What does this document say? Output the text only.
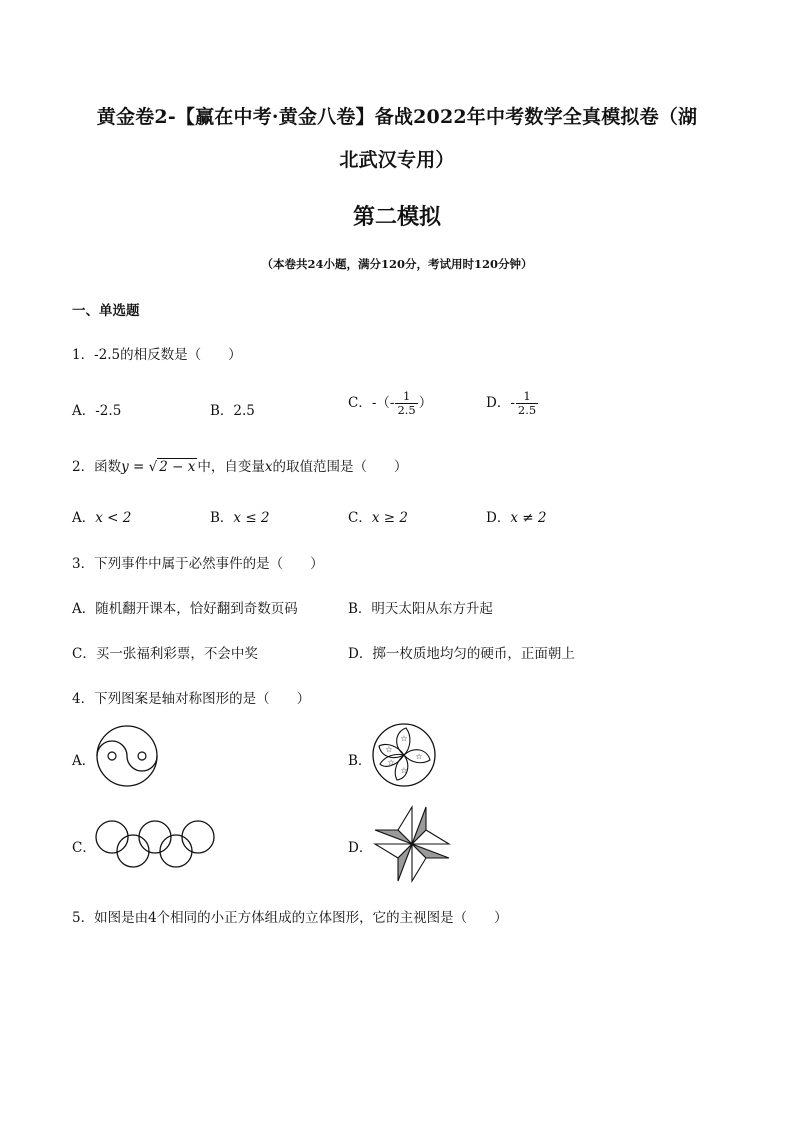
黄金卷2-【赢在中考·黄金八卷】备战2022年中考数学全真模拟卷（湖
北武汉专用）
第二模拟
（本卷共24小题，满分120分，考试用时120分钟）
一、单选题
1．-2.5的相反数是（　　）
A．-2.5	B．2.5	C．-（- $\frac{1}{2.5}$ ）	D．- $\frac{1}{2.5}$
2．函数y = √ 2 − x 中，自变量x的取值范围是（　　）
A．x < 2	B．x ≤ 2	C．x ≥ 2	D．x ≠ 2
3．下列事件中属于必然事件的是（　　）
A．随机翻开课本，恰好翻到奇数页码	B．明天太阳从东方升起
C．买一张福利彩票，不会中奖	D．掷一枚质地均匀的硬币，正面朝上
4．下列图案是轴对称图形的是（　　）
A．	B．
☆
☆
☆
☆
☆
C．	D．
5．如图是由4个相同的小正方体组成的立体图形，它的主视图是（　　）
